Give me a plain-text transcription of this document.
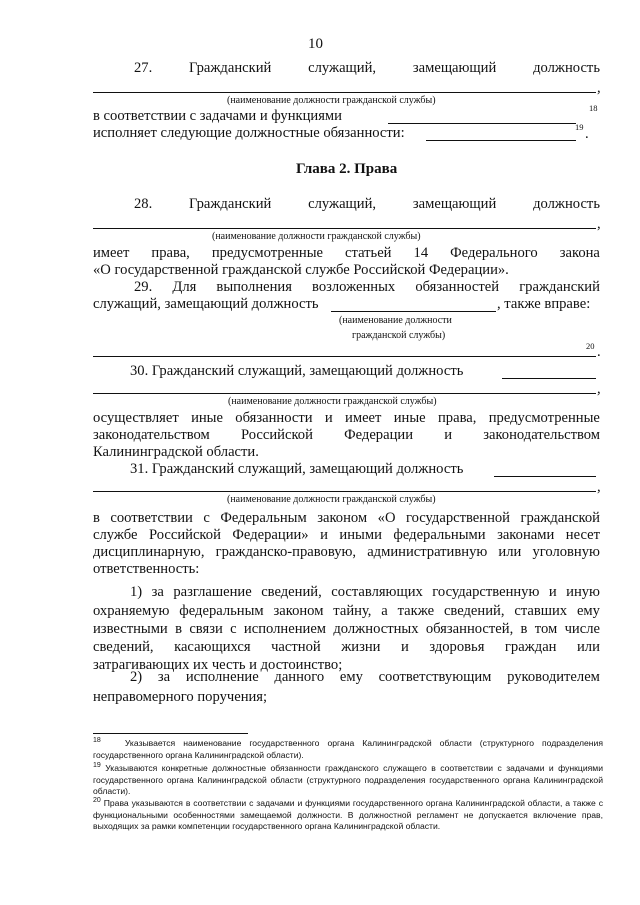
10
27.	Гражданский	служащий,	замещающий	должность
,
(наименование должности гражданской службы)
в соответствии с задачами и функциями	18
исполняет следующие должностные обязанности:	19 .
Глава 2. Права
28.	Гражданский	служащий,	замещающий	должность
,
(наименование должности гражданской службы)
имеет права, предусмотренные статьей 14 Федерального закона
«О государственной гражданской службе Российской Федерации».
29. Для выполнения возложенных обязанностей гражданский
служащий, замещающий должность	, также вправе:
(наименование должности
гражданской службы)
20 .
30. Гражданский служащий, замещающий должность
,
(наименование должности гражданской службы)
осуществляет иные обязанности и имеет иные права, предусмотренные
законодательством Российской Федерации и законодательством
Калининградской области.
31. Гражданский служащий, замещающий должность
,
(наименование должности гражданской службы)
в соответствии с Федеральным законом «О государственной гражданской
службе Российской Федерации» и иными федеральными законами несет
дисциплинарную, гражданско-правовую, административную или уголовную
ответственность:
1) за разглашение сведений, составляющих государственную и иную
охраняемую федеральным законом тайну, а также сведений, ставших ему
известными в связи с исполнением должностных обязанностей, в том числе
сведений, касающихся частной жизни и здоровья граждан или
затрагивающих их честь и достоинство;
2) за исполнение данного ему соответствующим руководителем
неправомерного поручения;
$^{18}$	Указывается наименование государственного органа Калининградской области (структурного подразделения государственного органа Калининградской области).
$^{19}$ Указываются конкретные должностные обязанности гражданского служащего в соответствии с задачами и функциями государственного органа Калининградской области (структурного подразделения государственного органа Калининградской области).
$^{20}$ Права указываются в соответствии с задачами и функциями государственного органа Калининградской области, а также с функциональными особенностями замещаемой должности. В должностной регламент не допускается включение прав, выходящих за рамки компетенции государственного органа Калининградской области.
